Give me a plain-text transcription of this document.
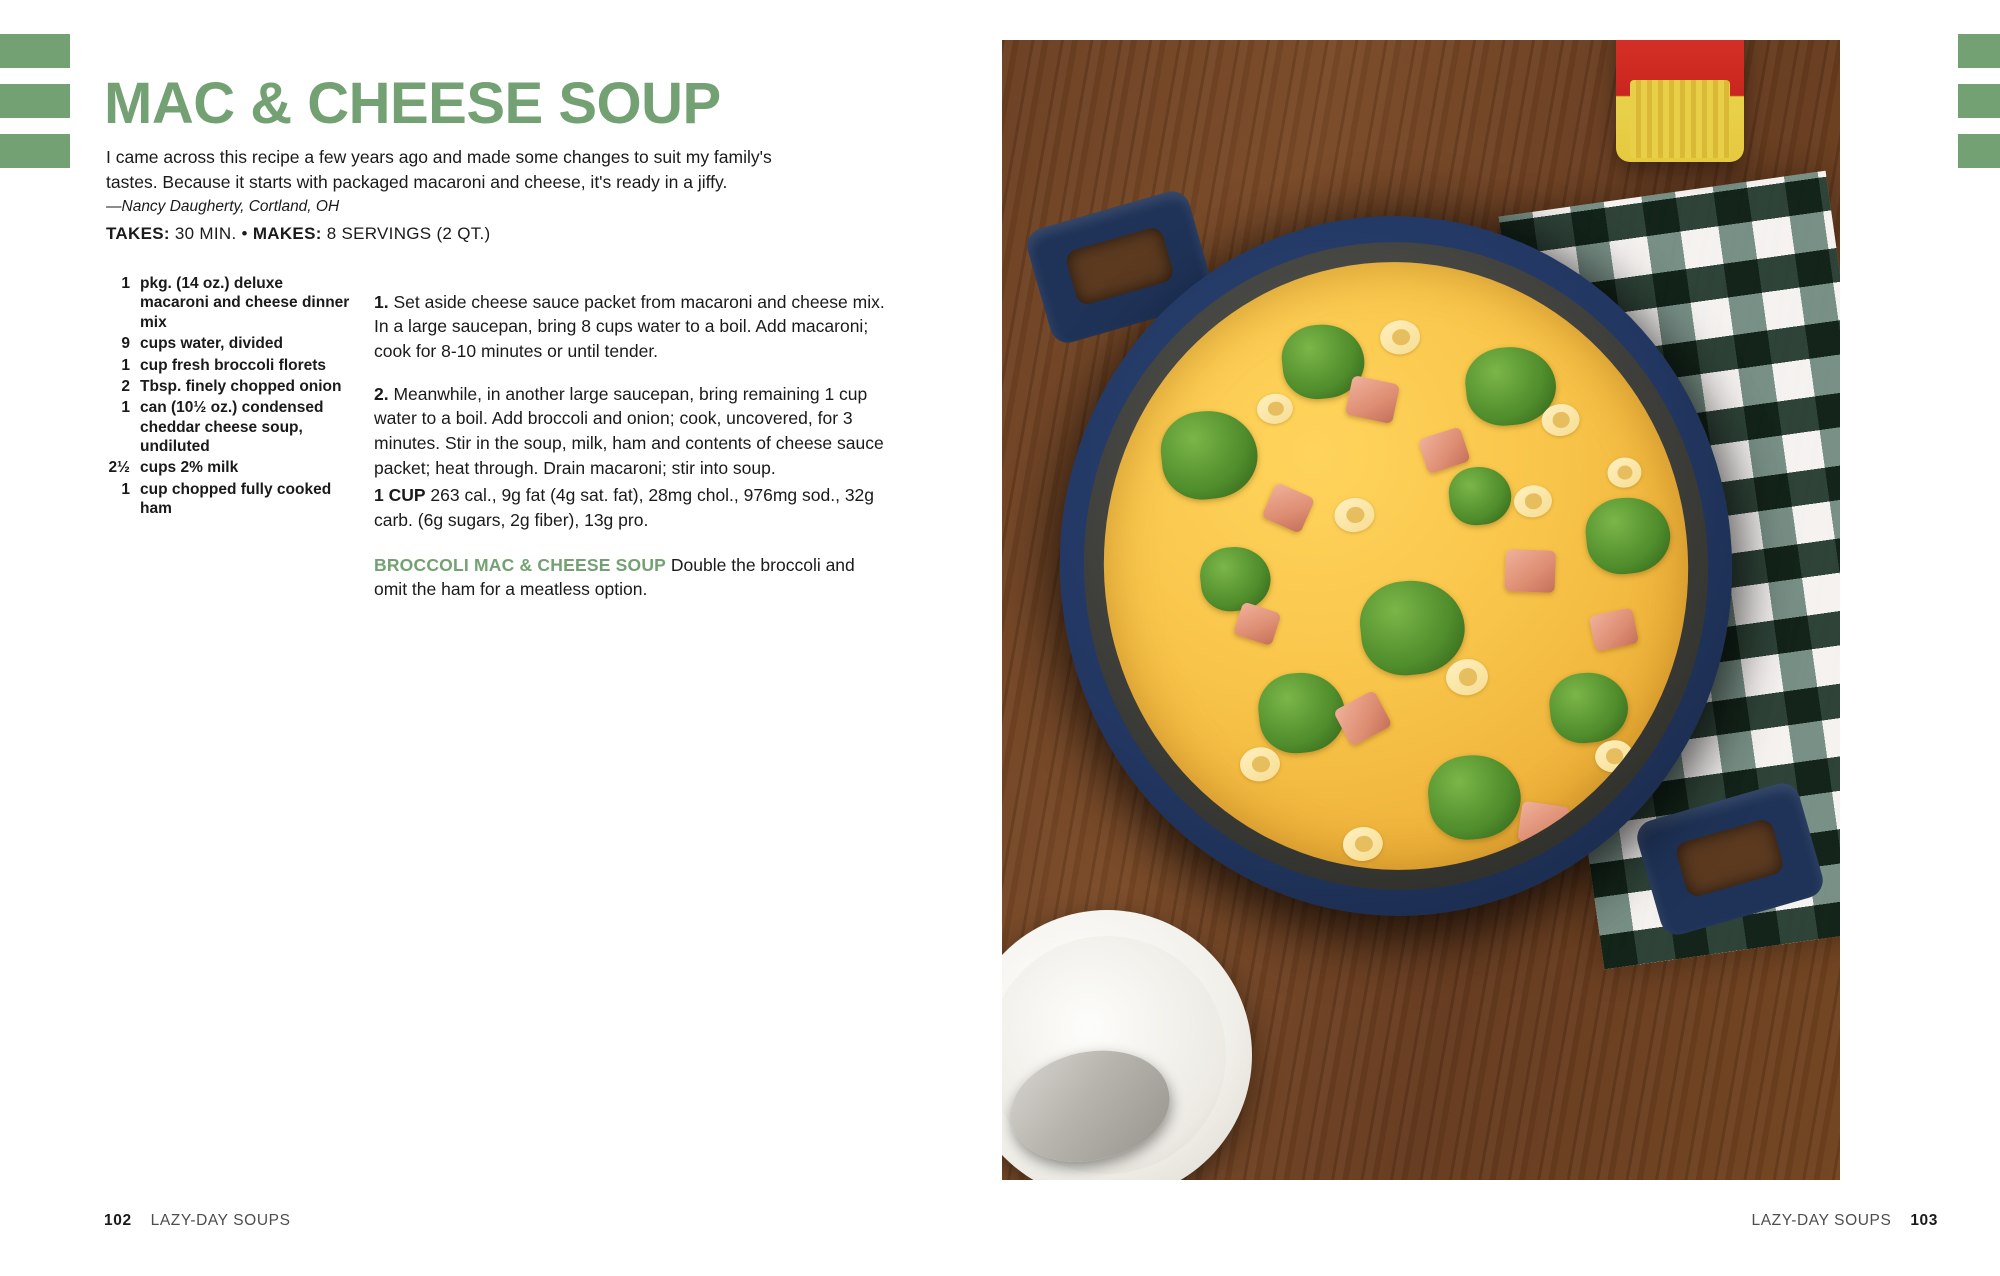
MAC & CHEESE SOUP

I came across this recipe a few years ago and made some changes to suit my family's tastes. Because it starts with packaged macaroni and cheese, it's ready in a jiffy.

—Nancy Daugherty, Cortland, OH

TAKES: 30 MIN. • MAKES: 8 SERVINGS (2 QT.)
1 pkg. (14 oz.) deluxe macaroni and cheese dinner mix
9 cups water, divided
1 cup fresh broccoli florets
2 Tbsp. finely chopped onion
1 can (10½ oz.) condensed cheddar cheese soup, undiluted
2½ cups 2% milk
1 cup chopped fully cooked ham

1. Set aside cheese sauce packet from macaroni and cheese mix. In a large saucepan, bring 8 cups water to a boil. Add macaroni; cook for 8-10 minutes or until tender.

2. Meanwhile, in another large saucepan, bring remaining 1 cup water to a boil. Add broccoli and onion; cook, uncovered, for 3 minutes. Stir in the soup, milk, ham and contents of cheese sauce packet; heat through. Drain macaroni; stir into soup.

1 CUP 263 cal., 9g fat (4g sat. fat), 28mg chol., 976mg sod., 32g carb. (6g sugars, 2g fiber), 13g pro.

BROCCOLI MAC & CHEESE SOUP Double the broccoli and omit the ham for a meatless option.

102 LAZY-DAY SOUPS	LAZY-DAY SOUPS 103
